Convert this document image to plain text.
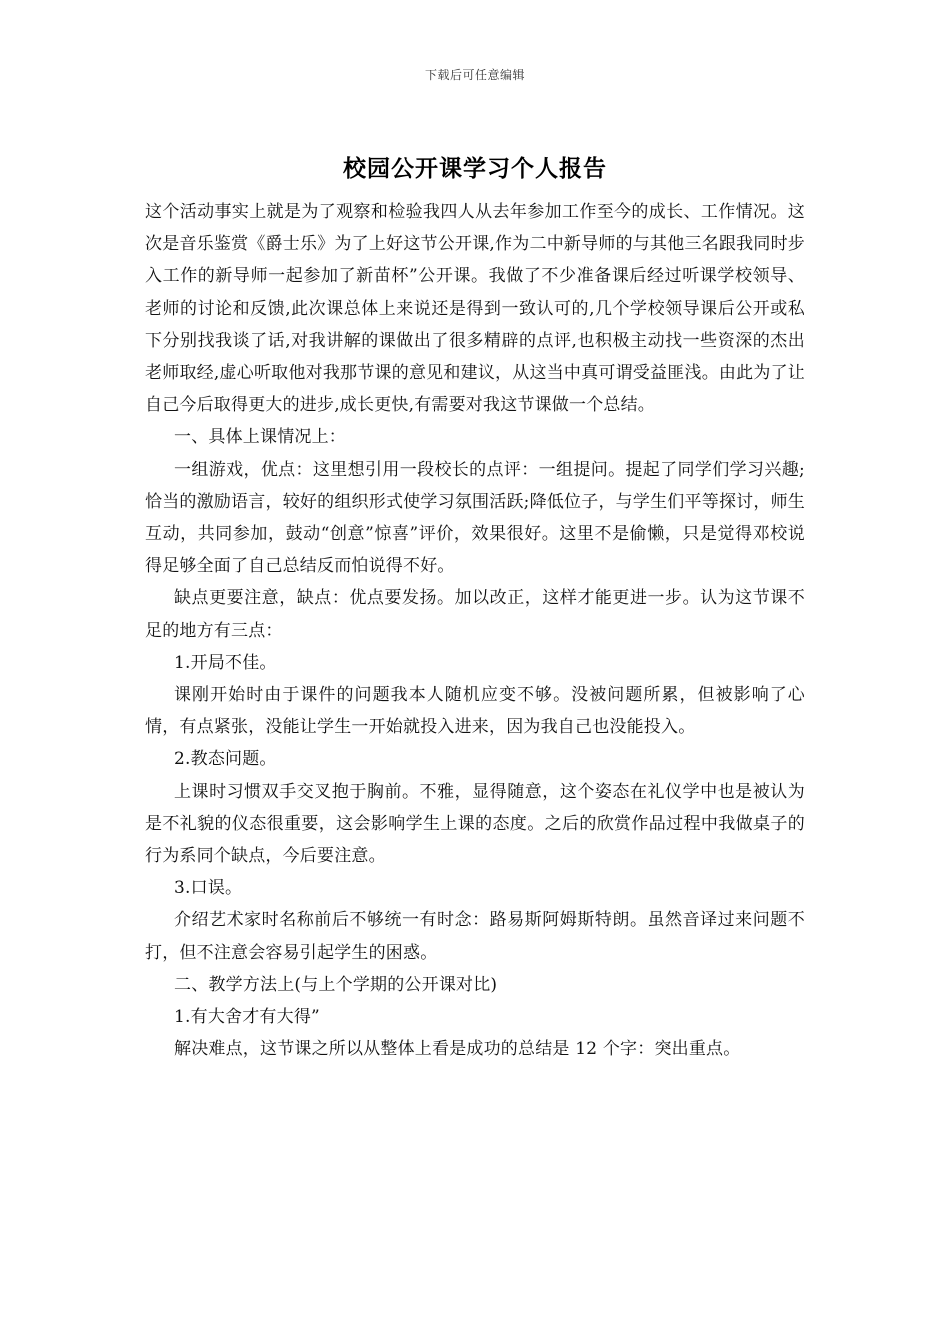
下载后可任意编辑
校园公开课学习个人报告

这个活动事实上就是为了观察和检验我四人从去年参加工作至今的成长、工作情况。这次是音乐鉴赏《爵士乐》为了上好这节公开课,作为二中新导师的与其他三名跟我同时步入工作的新导师一起参加了新苗杯”公开课。我做了不少准备课后经过听课学校领导、老师的讨论和反馈,此次课总体上来说还是得到一致认可的,几个学校领导课后公开或私下分别找我谈了话,对我讲解的课做出了很多精辟的点评,也积极主动找一些资深的杰出老师取经,虚心听取他对我那节课的意见和建议，从这当中真可谓受益匪浅。由此为了让自己今后取得更大的进步,成长更快,有需要对我这节课做一个总结。

一、具体上课情况上：

一组游戏，优点：这里想引用一段校长的点评：一组提问。提起了同学们学习兴趣;恰当的激励语言，较好的组织形式使学习氛围活跃;降低位子，与学生们平等探讨，师生互动，共同参加，鼓动“创意”惊喜”评价，效果很好。这里不是偷懒，只是觉得邓校说得足够全面了自己总结反而怕说得不好。

缺点更要注意，缺点：优点要发扬。加以改正，这样才能更进一步。认为这节课不足的地方有三点：

1.开局不佳。

课刚开始时由于课件的问题我本人随机应变不够。没被问题所累，但被影响了心情，有点紧张，没能让学生一开始就投入进来，因为我自己也没能投入。

2.教态问题。

上课时习惯双手交叉抱于胸前。不雅，显得随意，这个姿态在礼仪学中也是被认为是不礼貌的仪态很重要，这会影响学生上课的态度。之后的欣赏作品过程中我做桌子的行为系同个缺点，今后要注意。

3.口误。

介绍艺术家时名称前后不够统一有时念：路易斯阿姆斯特朗。虽然音译过来问题不打，但不注意会容易引起学生的困惑。

二、教学方法上(与上个学期的公开课对比)

1.有大舍才有大得”

解决难点，这节课之所以从整体上看是成功的总结是 12 个字：突出重点。
